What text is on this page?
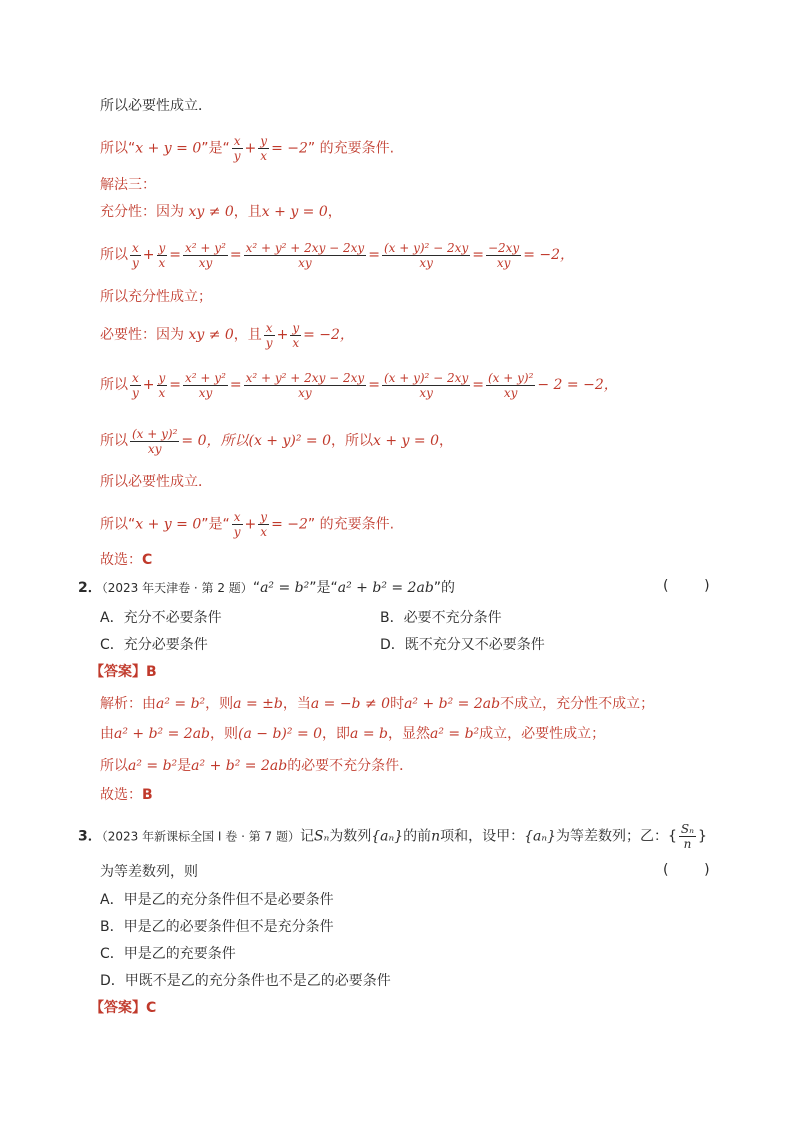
所以必要性成立．
所以“x + y = 0”是“ $\frac{x}{y} + \frac{y}{x} = -2$” 的充要条件.
解法三：
充分性：因为 xy ≠ 0，且x + y = 0，
所以 $\frac{x}{y} + \frac{y}{x} = \frac{\text{x² + y²}}{xy} = \frac{\text{x² + y² + 2xy − 2xy}}{xy} = \frac{\text{(x + y)² − 2xy}}{xy} = \frac{-2xy}{xy} = -2$，
所以充分性成立；
必要性：因为 xy ≠ 0，且 $\frac{x}{y} + \frac{y}{x} = -2$，
所以 $\frac{x}{y} + \frac{y}{x} = \frac{\text{x² + y²}}{xy} = \frac{\text{x² + y² + 2xy − 2xy}}{xy} = \frac{\text{(x + y)² − 2xy}}{xy} = \frac{\text{(x + y)²}}{xy} - 2 = -2$，
所以 $\frac{\text{(x + y)²}}{xy} = 0$，所以(x + y)² = 0，所以x + y = 0，
所以必要性成立．
所以“x + y = 0”是“ $\frac{x}{y} + \frac{y}{x} = -2$” 的充要条件.
故选：C
2．（2023 年天津卷 · 第 2 题）“a² = b²”是“a² + b² = 2ab”的	(        )
A．充分不必要条件	B．必要不充分条件
C．充分必要条件	D．既不充分又不必要条件
【答案】B
解析：由a² = b²，则a = ±b，当a = −b ≠ 0时a² + b² = 2ab不成立，充分性不成立；
由a² + b² = 2ab，则(a − b)² = 0，即a = b，显然a² = b²成立，必要性成立；
所以a² = b²是a² + b² = 2ab的必要不充分条件．
故选：B
3．（2023 年新课标全国 I 卷 · 第 7 题）记Sₙ为数列{aₙ}的前n项和，设甲：{aₙ}为等差数列；乙：{ $\frac{\text{Sₙ}}{n}$ }
为等差数列，则	(        )
A．甲是乙的充分条件但不是必要条件
B．甲是乙的必要条件但不是充分条件
C．甲是乙的充要条件
D．甲既不是乙的充分条件也不是乙的必要条件
【答案】C
